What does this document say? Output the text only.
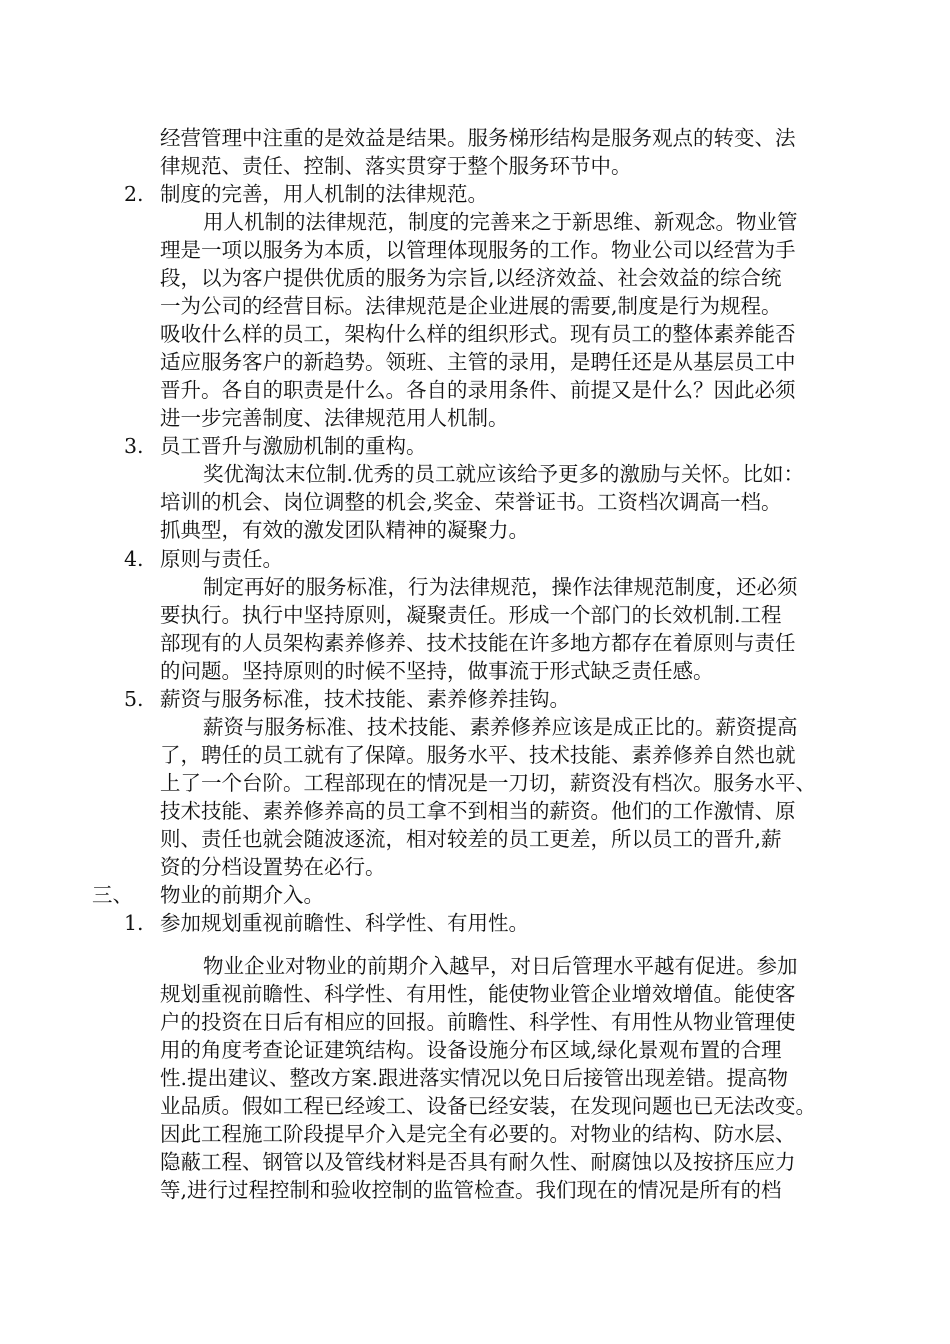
经营管理中注重的是效益是结果。服务梯形结构是服务观点的转变、法
律规范、责任、控制、落实贯穿于整个服务环节中。
2. 制度的完善，用人机制的法律规范。
用人机制的法律规范，制度的完善来之于新思维、新观念。物业管
理是一项以服务为本质，以管理体现服务的工作。物业公司以经营为手
段，以为客户提供优质的服务为宗旨,以经济效益、社会效益的综合统
一为公司的经营目标。法律规范是企业进展的需要,制度是行为规程。
吸收什么样的员工，架构什么样的组织形式。现有员工的整体素养能否
适应服务客户的新趋势。领班、主管的录用，是聘任还是从基层员工中
晋升。各自的职责是什么。各自的录用条件、前提又是什么？因此必须
进一步完善制度、法律规范用人机制。
3. 员工晋升与激励机制的重构。
奖优淘汰末位制.优秀的员工就应该给予更多的激励与关怀。比如：
培训的机会、岗位调整的机会,奖金、荣誉证书。工资档次调高一档。
抓典型，有效的激发团队精神的凝聚力。
4. 原则与责任。
制定再好的服务标准，行为法律规范，操作法律规范制度，还必须
要执行。执行中坚持原则，凝聚责任。形成一个部门的长效机制.工程
部现有的人员架构素养修养、技术技能在许多地方都存在着原则与责任
的问题。坚持原则的时候不坚持，做事流于形式缺乏责任感。
5. 薪资与服务标准，技术技能、素养修养挂钩。
薪资与服务标准、技术技能、素养修养应该是成正比的。薪资提高
了，聘任的员工就有了保障。服务水平、技术技能、素养修养自然也就
上了一个台阶。工程部现在的情况是一刀切，薪资没有档次。服务水平、
技术技能、素养修养高的员工拿不到相当的薪资。他们的工作激情、原
则、责任也就会随波逐流，相对较差的员工更差，所以员工的晋升,薪
资的分档设置势在必行。
三、 物业的前期介入。
1. 参加规划重视前瞻性、科学性、有用性。
物业企业对物业的前期介入越早，对日后管理水平越有促进。参加
规划重视前瞻性、科学性、有用性，能使物业管企业增效增值。能使客
户的投资在日后有相应的回报。前瞻性、科学性、有用性从物业管理使
用的角度考查论证建筑结构。设备设施分布区域,绿化景观布置的合理
性.提出建议、整改方案.跟进落实情况以免日后接管出现差错。提高物
业品质。假如工程已经竣工、设备已经安装，在发现问题也已无法改变。
因此工程施工阶段提早介入是完全有必要的。对物业的结构、防水层、
隐蔽工程、钢管以及管线材料是否具有耐久性、耐腐蚀以及按挤压应力
等,进行过程控制和验收控制的监管检查。我们现在的情况是所有的档
